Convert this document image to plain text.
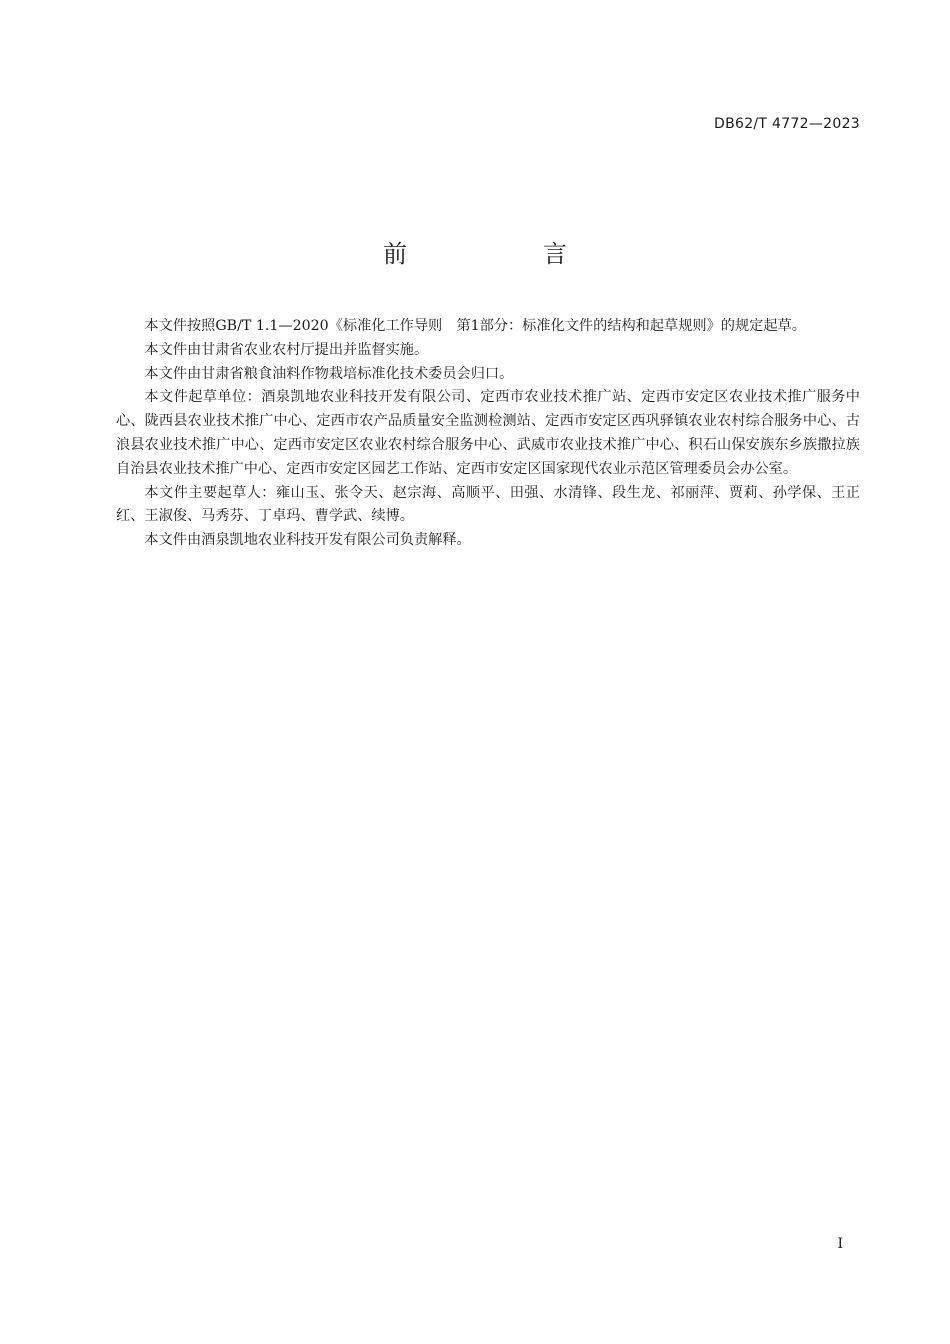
DB62/T 4772—2023
前　言

本文件按照GB/T 1.1—2020《标准化工作导则　第1部分：标准化文件的结构和起草规则》的规定起草。

本文件由甘肃省农业农村厅提出并监督实施。

本文件由甘肃省粮食油料作物栽培标准化技术委员会归口。

本文件起草单位：酒泉凯地农业科技开发有限公司、定西市农业技术推广站、定西市安定区农业技术推广服务中心、陇西县农业技术推广中心、定西市农产品质量安全监测检测站、定西市安定区西巩驿镇农业农村综合服务中心、古浪县农业技术推广中心、定西市安定区农业农村综合服务中心、武威市农业技术推广中心、积石山保安族东乡族撒拉族自治县农业技术推广中心、定西市安定区园艺工作站、定西市安定区国家现代农业示范区管理委员会办公室。

本文件主要起草人：雍山玉、张令天、赵宗海、高顺平、田强、水清锋、段生龙、祁丽萍、贾莉、孙学保、王正红、王淑俊、马秀芬、丁卓玛、曹学武、续博。

本文件由酒泉凯地农业科技开发有限公司负责解释。

I
